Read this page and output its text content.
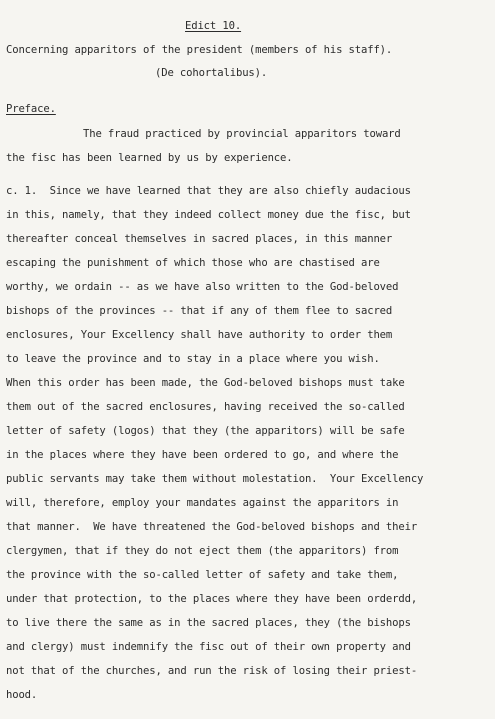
Edict 10.
Concerning apparitors of the president (members of his staff).
(De cohortalibus).
Preface.
The fraud practiced by provincial apparitors toward
the fisc has been learned by us by experience.
c. 1.  Since we have learned that they are also chiefly audacious
in this, namely, that they indeed collect money due the fisc, but
thereafter conceal themselves in sacred places, in this manner
escaping the punishment of which those who are chastised are
worthy, we ordain -- as we have also written to the God-beloved
bishops of the provinces -- that if any of them flee to sacred
enclosures, Your Excellency shall have authority to order them
to leave the province and to stay in a place where you wish.
When this order has been made, the God-beloved bishops must take
them out of the sacred enclosures, having received the so-called
letter of safety (logos) that they (the apparitors) will be safe
in the places where they have been ordered to go, and where the
public servants may take them without molestation.  Your Excellency
will, therefore, employ your mandates against the apparitors in
that manner.  We have threatened the God-beloved bishops and their
clergymen, that if they do not eject them (the apparitors) from
the province with the so-called letter of safety and take them,
under that protection, to the places where they have been orderdd,
to live there the same as in the sacred places, they (the bishops
and clergy) must indemnify the fisc out of their own property and
not that of the churches, and run the risk of losing their priest-
hood.
